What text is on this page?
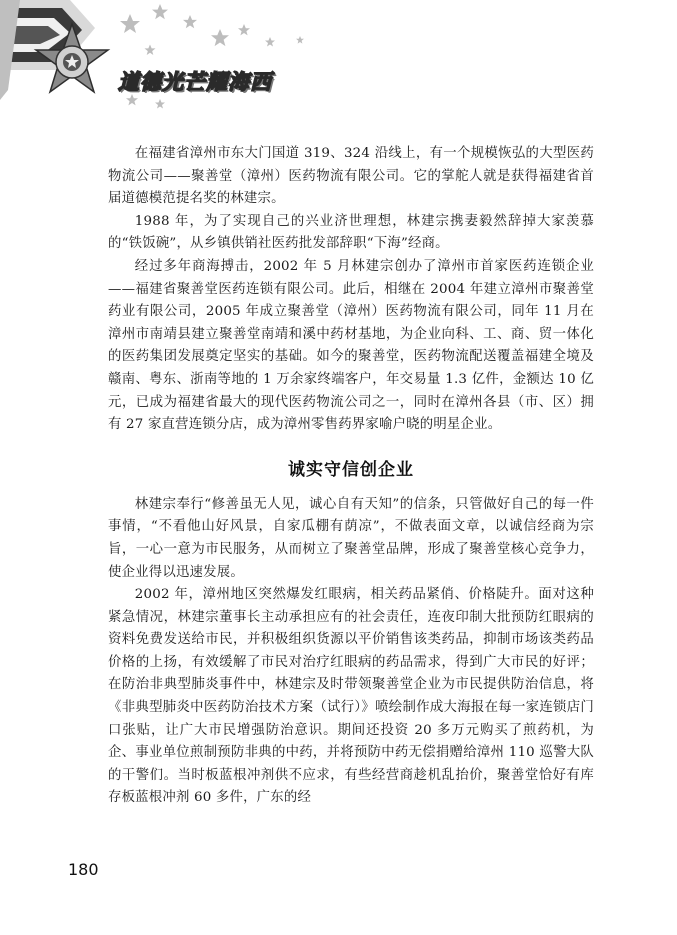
道德光芒耀海西

在福建省漳州市东大门国道 319、324 沿线上，有一个规模恢弘的大型医药物流公司——聚善堂（漳州）医药物流有限公司。它的掌舵人就是获得福建省首届道德模范提名奖的林建宗。

1988 年，为了实现自己的兴业济世理想，林建宗携妻毅然辞掉大家羡慕的“铁饭碗”，从乡镇供销社医药批发部辞职“下海”经商。

经过多年商海搏击，2002 年 5 月林建宗创办了漳州市首家医药连锁企业——福建省聚善堂医药连锁有限公司。此后，相继在 2004 年建立漳州市聚善堂药业有限公司，2005 年成立聚善堂（漳州）医药物流有限公司，同年 11 月在漳州市南靖县建立聚善堂南靖和溪中药材基地，为企业向科、工、商、贸一体化的医药集团发展奠定坚实的基础。如今的聚善堂，医药物流配送覆盖福建全境及赣南、粤东、浙南等地的 1 万余家终端客户，年交易量 1.3 亿件，金额达 10 亿元，已成为福建省最大的现代医药物流公司之一，同时在漳州各县（市、区）拥有 27 家直营连锁分店，成为漳州零售药界家喻户晓的明星企业。

诚实守信创企业

林建宗奉行“修善虽无人见，诚心自有天知”的信条，只管做好自己的每一件事情，“不看他山好风景，自家瓜棚有荫凉”，不做表面文章，以诚信经商为宗旨，一心一意为市民服务，从而树立了聚善堂品牌，形成了聚善堂核心竞争力，使企业得以迅速发展。

2002 年，漳州地区突然爆发红眼病，相关药品紧俏、价格陡升。面对这种紧急情况，林建宗董事长主动承担应有的社会责任，连夜印制大批预防红眼病的资料免费发送给市民，并积极组织货源以平价销售该类药品，抑制市场该类药品价格的上扬，有效缓解了市民对治疗红眼病的药品需求，得到广大市民的好评；在防治非典型肺炎事件中，林建宗及时带领聚善堂企业为市民提供防治信息，将《非典型肺炎中医药防治技术方案（试行）》喷绘制作成大海报在每一家连锁店门口张贴，让广大市民增强防治意识。期间还投资 20 多万元购买了煎药机，为企、事业单位煎制预防非典的中药，并将预防中药无偿捐赠给漳州 110 巡警大队的干警们。当时板蓝根冲剂供不应求，有些经营商趁机乱抬价，聚善堂恰好有库存板蓝根冲剂 60 多件，广东的经

180
